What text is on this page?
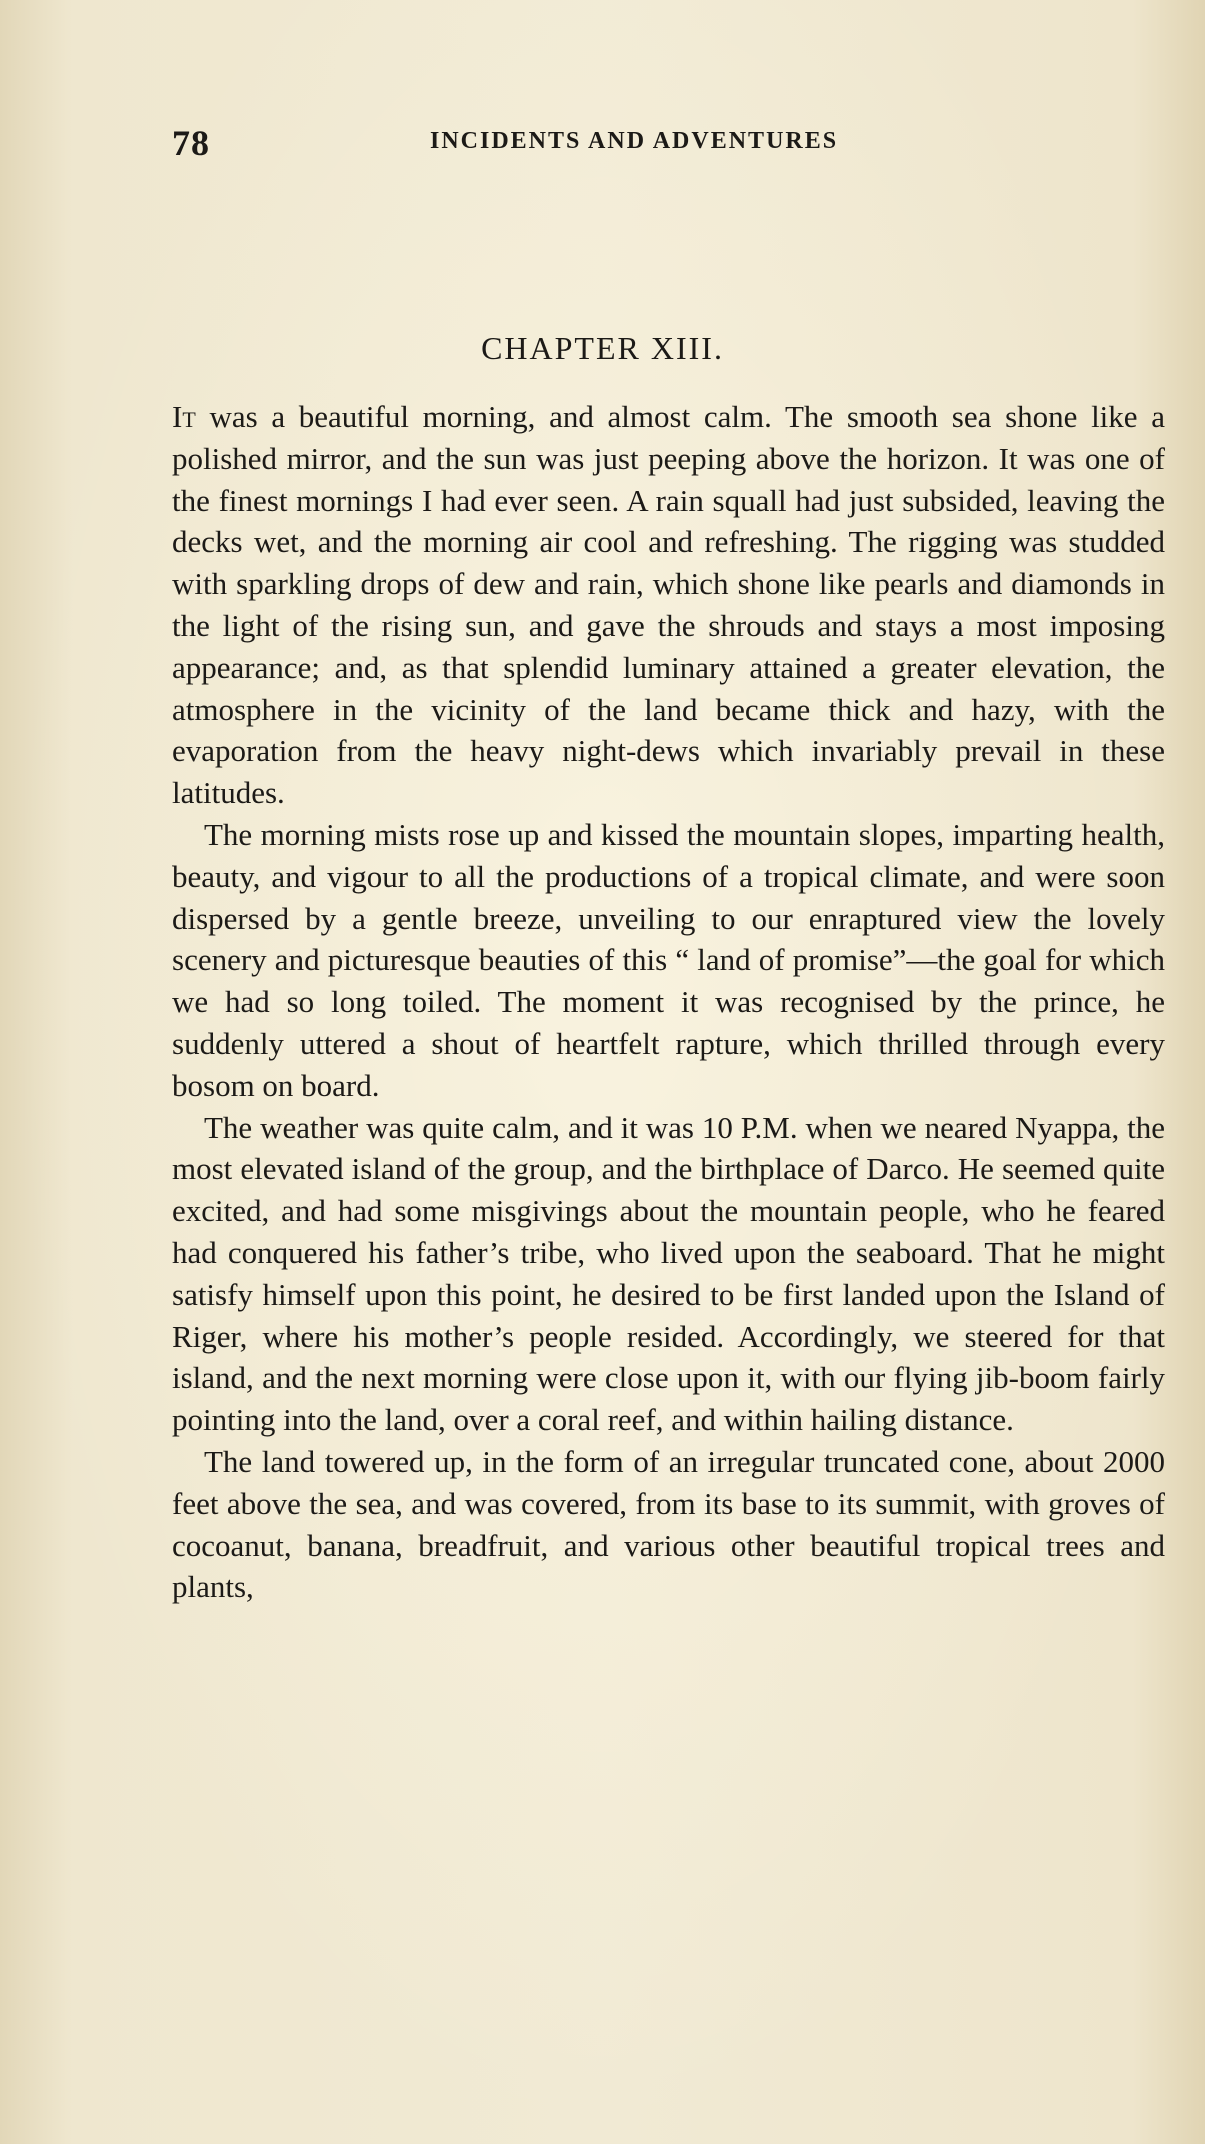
78	INCIDENTS AND ADVENTURES
CHAPTER XIII.

It was a beautiful morning, and almost calm. The smooth sea shone like a polished mirror, and the sun was just peeping above the horizon. It was one of the finest mornings I had ever seen. A rain squall had just subsided, leaving the decks wet, and the morning air cool and refreshing. The rigging was studded with sparkling drops of dew and rain, which shone like pearls and diamonds in the light of the rising sun, and gave the shrouds and stays a most imposing appearance; and, as that splendid luminary attained a greater elevation, the atmosphere in the vicinity of the land became thick and hazy, with the evaporation from the heavy night-dews which invariably prevail in these latitudes.

The morning mists rose up and kissed the mountain slopes, imparting health, beauty, and vigour to all the productions of a tropical climate, and were soon dispersed by a gentle breeze, unveiling to our enraptured view the lovely scenery and picturesque beauties of this “ land of promise”—the goal for which we had so long toiled. The moment it was recognised by the prince, he suddenly uttered a shout of heartfelt rapture, which thrilled through every bosom on board.

The weather was quite calm, and it was 10 P.M. when we neared Nyappa, the most elevated island of the group, and the birthplace of Darco. He seemed quite excited, and had some misgivings about the mountain people, who he feared had conquered his father’s tribe, who lived upon the seaboard. That he might satisfy himself upon this point, he desired to be first landed upon the Island of Riger, where his mother’s people resided. Accordingly, we steered for that island, and the next morning were close upon it, with our flying jib-boom fairly pointing into the land, over a coral reef, and within hailing distance.

The land towered up, in the form of an irregular truncated cone, about 2000 feet above the sea, and was covered, from its base to its summit, with groves of cocoanut, banana, breadfruit, and various other beautiful tropical trees and plants,
